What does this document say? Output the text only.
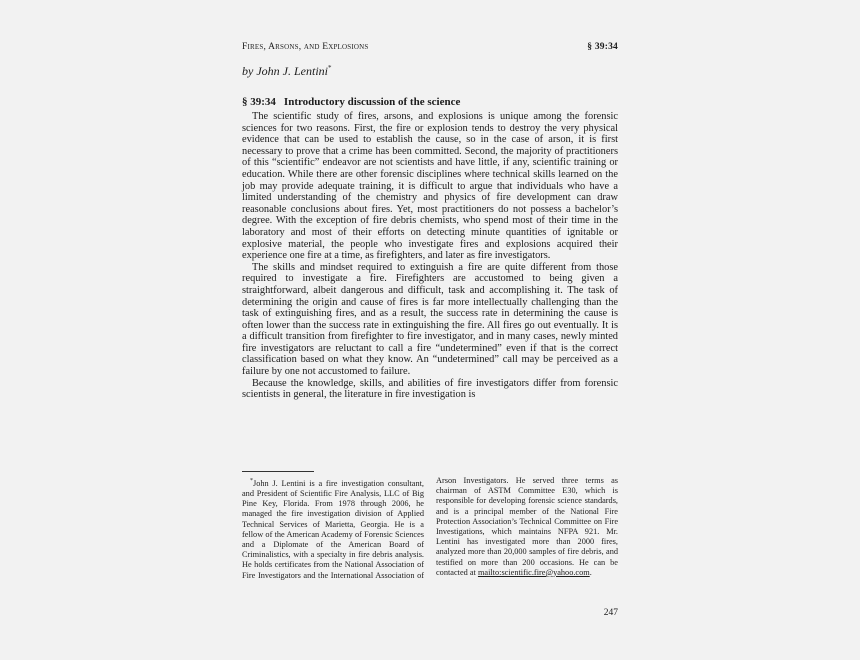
Fires, Arsons, and Explosions	§ 39:34
by John J. Lentini*
§ 39:34 Introductory discussion of the science

The scientific study of fires, arsons, and explosions is unique among the forensic sciences for two reasons. First, the fire or explosion tends to destroy the very physical evidence that can be used to establish the cause, so in the case of arson, it is first necessary to prove that a crime has been committed. Second, the majority of practitioners of this “scientific” endeavor are not scientists and have little, if any, scientific training or education. While there are other forensic disciplines where technical skills learned on the job may provide adequate training, it is difficult to argue that individuals who have a limited understanding of the chemistry and physics of fire development can draw reasonable conclusions about fires. Yet, most practitioners do not possess a bachelor’s degree. With the exception of fire debris chemists, who spend most of their time in the laboratory and most of their efforts on detecting minute quantities of ignitable or explosive material, the people who investigate fires and explosions acquired their experience one fire at a time, as firefighters, and later as fire investigators.

The skills and mindset required to extinguish a fire are quite different from those required to investigate a fire. Firefighters are accustomed to being given a straightforward, albeit dangerous and difficult, task and accomplishing it. The task of determining the origin and cause of fires is far more intellectually challenging than the task of extinguishing fires, and as a result, the success rate in determining the cause is often lower than the success rate in extinguishing the fire. All fires go out eventually. It is a difficult transition from firefighter to fire investigator, and in many cases, newly minted fire investigators are reluctant to call a fire “undetermined” even if that is the correct classification based on what they know. An “undetermined” call may be perceived as a failure by one not accustomed to failure.

Because the knowledge, skills, and abilities of fire investigators differ from forensic scientists in general, the literature in fire investigation is

*John J. Lentini is a fire investigation consultant, and President of Scientific Fire Analysis, LLC of Big Pine Key, Florida. From 1978 through 2006, he managed the fire investigation division of Applied Technical Services of Marietta, Georgia. He is a fellow of the American Academy of Forensic Sciences and a Diplomate of the American Board of Criminalistics, with a specialty in fire debris analysis. He holds certificates from the National Association of Fire Investigators and the International Association of Arson Investigators. He served three terms as chairman of ASTM Committee E30, which is responsible for developing forensic science standards, and is a principal member of the National Fire Protection Association’s Technical Committee on Fire Investigations, which maintains NFPA 921. Mr. Lentini has investigated more than 2000 fires, analyzed more than 20,000 samples of fire debris, and testified on more than 200 occasions. He can be contacted at mailto:scientific.fire@yahoo.com.

247
